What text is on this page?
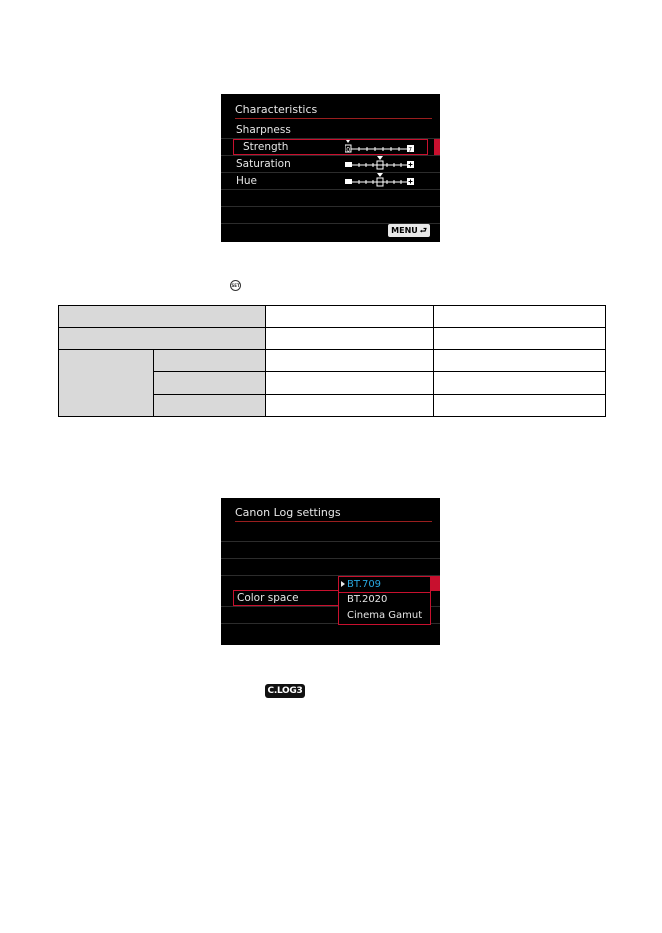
Characteristics
Sharpness
Strength	0	7
Saturation
Hue
MENU ⮐
SET

Canon Log settings
Color space
BT.709
BT.2020
Cinema Gamut
C.LOG3
